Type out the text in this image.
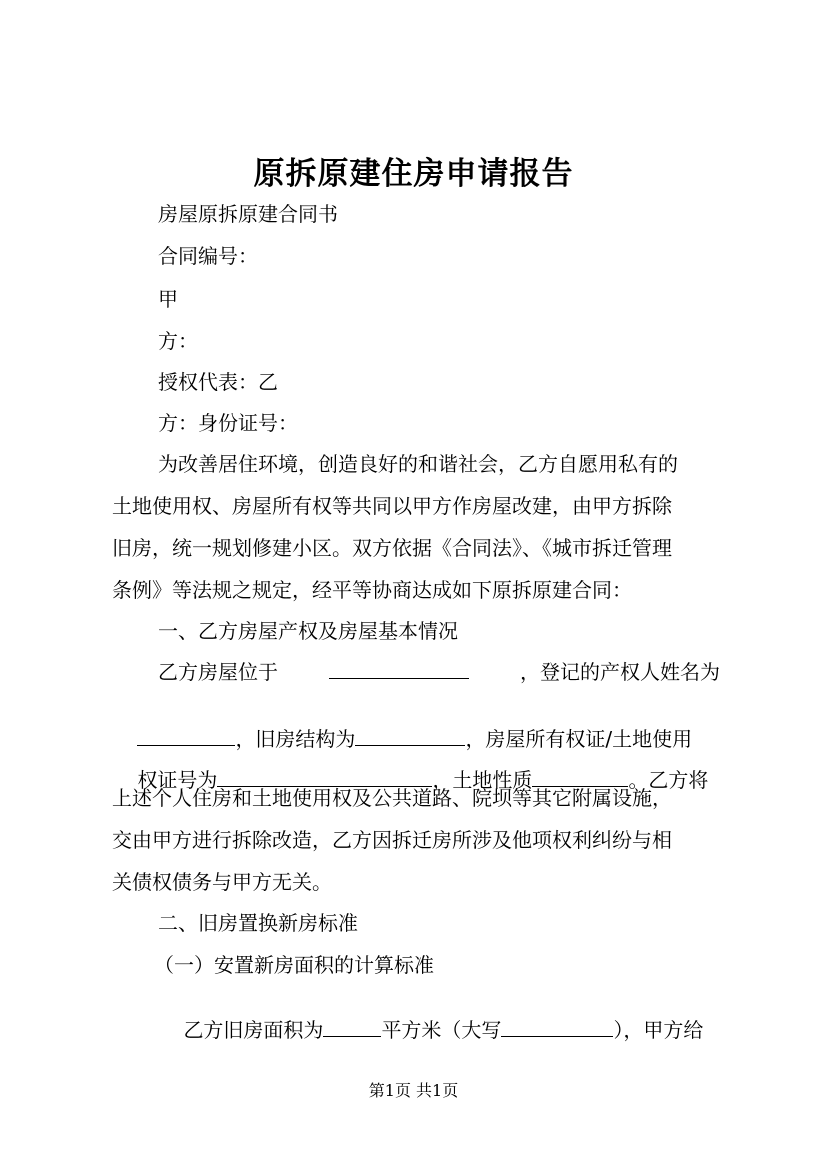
原拆原建住房申请报告
房屋原拆原建合同书
合同编号：
甲
方：
授权代表：乙
方：身份证号：
为改善居住环境，创造良好的和谐社会，乙方自愿用私有的
土地使用权、房屋所有权等共同以甲方作房屋改建，由甲方拆除
旧房，统一规划修建小区。双方依据《合同法》、《城市拆迁管理
条例》等法规之规定，经平等协商达成如下原拆原建合同：
一、乙方房屋产权及房屋基本情况
乙方房屋位于	，登记的产权人姓名为

，旧房结构为	，房屋所有权证/土地使用

权证号为	，土地性质	。乙方将

上述个人住房和土地使用权及公共道路、院坝等其它附属设施，
交由甲方进行拆除改造，乙方因拆迁房所涉及他项权利纠纷与相
关债权债务与甲方无关。
二、旧房置换新房标准
（一）安置新房面积的计算标准

乙方旧房面积为	平方米（大写	），甲方给

第1页 共1页
